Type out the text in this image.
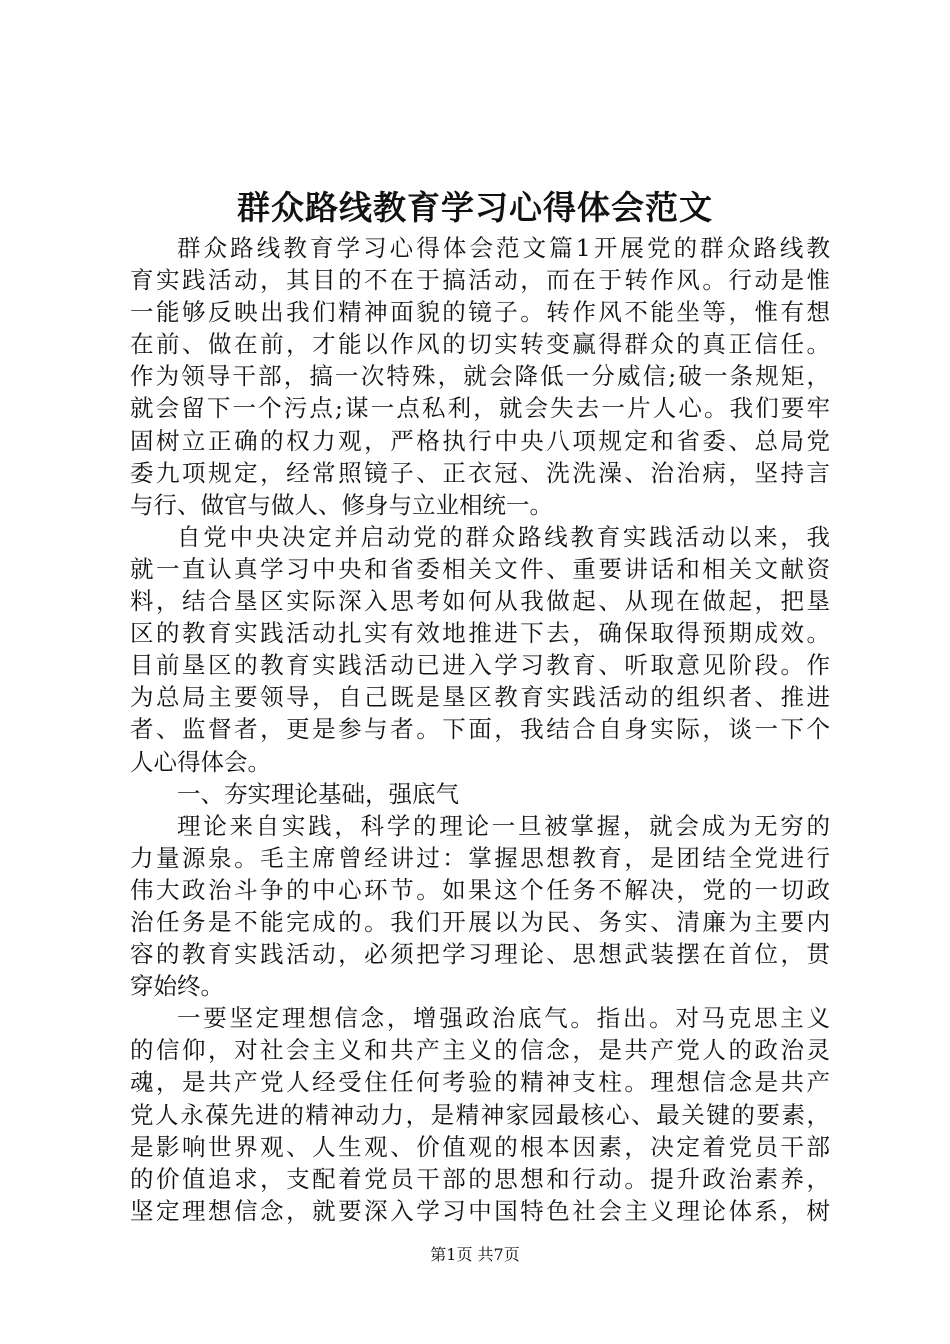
群众路线教育学习心得体会范文
群众路线教育学习心得体会范文篇1开展党的群众路线教
育实践活动，其目的不在于搞活动，而在于转作风。行动是惟
一能够反映出我们精神面貌的镜子。转作风不能坐等，惟有想
在前、做在前，才能以作风的切实转变赢得群众的真正信任。
作为领导干部，搞一次特殊，就会降低一分威信;破一条规矩，
就会留下一个污点;谋一点私利，就会失去一片人心。我们要牢
固树立正确的权力观，严格执行中央八项规定和省委、总局党
委九项规定，经常照镜子、正衣冠、洗洗澡、治治病，坚持言
与行、做官与做人、修身与立业相统一。
自党中央决定并启动党的群众路线教育实践活动以来，我
就一直认真学习中央和省委相关文件、重要讲话和相关文献资
料，结合垦区实际深入思考如何从我做起、从现在做起，把垦
区的教育实践活动扎实有效地推进下去，确保取得预期成效。
目前垦区的教育实践活动已进入学习教育、听取意见阶段。作
为总局主要领导，自己既是垦区教育实践活动的组织者、推进
者、监督者，更是参与者。下面，我结合自身实际，谈一下个
人心得体会。
一、夯实理论基础，强底气
理论来自实践，科学的理论一旦被掌握，就会成为无穷的
力量源泉。毛主席曾经讲过：掌握思想教育，是团结全党进行
伟大政治斗争的中心环节。如果这个任务不解决，党的一切政
治任务是不能完成的。我们开展以为民、务实、清廉为主要内
容的教育实践活动，必须把学习理论、思想武装摆在首位，贯
穿始终。
一要坚定理想信念，增强政治底气。指出。对马克思主义
的信仰，对社会主义和共产主义的信念，是共产党人的政治灵
魂，是共产党人经受住任何考验的精神支柱。理想信念是共产
党人永葆先进的精神动力，是精神家园最核心、最关键的要素，
是影响世界观、人生观、价值观的根本因素，决定着党员干部
的价值追求，支配着党员干部的思想和行动。提升政治素养，
坚定理想信念，就要深入学习中国特色社会主义理论体系，树
第1页 共7页
